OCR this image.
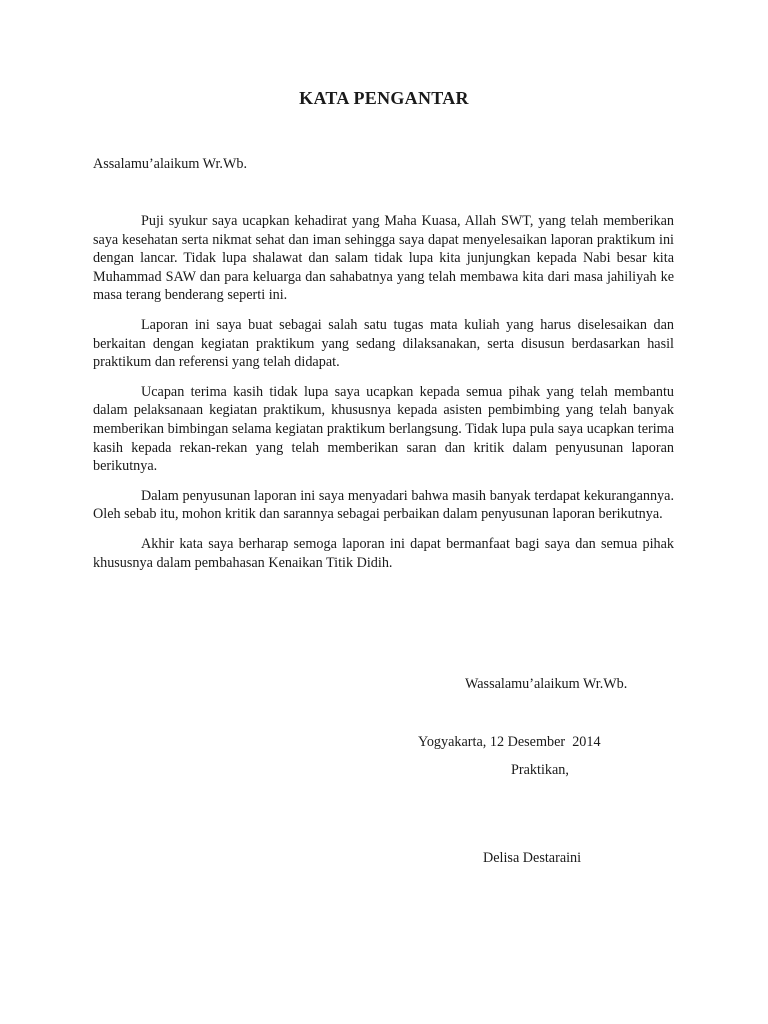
KATA PENGANTAR
Assalamu’alaikum Wr.Wb.

Puji syukur saya ucapkan kehadirat yang Maha Kuasa, Allah SWT, yang telah memberikan saya kesehatan serta nikmat sehat dan iman sehingga saya dapat menyelesaikan laporan praktikum ini dengan lancar. Tidak lupa shalawat dan salam tidak lupa kita junjungkan kepada Nabi besar kita Muhammad SAW dan para keluarga dan sahabatnya yang telah membawa kita dari masa jahiliyah ke masa terang benderang seperti ini.

Laporan ini saya buat sebagai salah satu tugas mata kuliah yang harus diselesaikan dan berkaitan dengan kegiatan praktikum yang sedang dilaksanakan, serta disusun berdasarkan hasil praktikum dan referensi yang telah didapat.

Ucapan terima kasih tidak lupa saya ucapkan kepada semua pihak yang telah membantu dalam pelaksanaan kegiatan praktikum, khususnya kepada asisten pembimbing yang telah banyak memberikan bimbingan selama kegiatan praktikum berlangsung. Tidak lupa pula saya ucapkan terima kasih kepada rekan-rekan yang telah memberikan saran dan kritik dalam penyusunan laporan berikutnya.

Dalam penyusunan laporan ini saya menyadari bahwa masih banyak terdapat kekurangannya. Oleh sebab itu, mohon kritik dan sarannya sebagai perbaikan dalam penyusunan laporan berikutnya.

Akhir kata saya berharap semoga laporan ini dapat bermanfaat bagi saya dan semua pihak khususnya dalam pembahasan Kenaikan Titik Didih.

Wassalamu’alaikum Wr.Wb.
Yogyakarta, 12 Desember  2014
Praktikan,
Delisa Destaraini
